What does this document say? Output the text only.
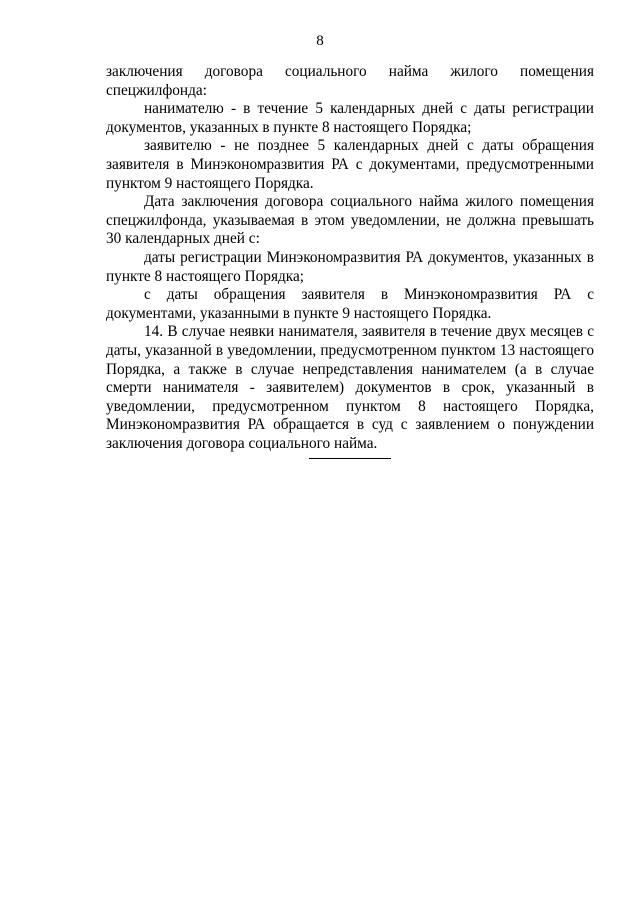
8

заключения договора социального найма жилого помещения спецжилфонда:

нанимателю - в течение 5 календарных дней с даты регистрации документов, указанных в пункте 8 настоящего Порядка;

заявителю - не позднее 5 календарных дней с даты обращения заявителя в Минэкономразвития РА с документами, предусмотренными пунктом 9 настоящего Порядка.

Дата заключения договора социального найма жилого помещения спецжилфонда, указываемая в этом уведомлении, не должна превышать 30 календарных дней с:

даты регистрации Минэкономразвития РА документов, указанных в пункте 8 настоящего Порядка;

с даты обращения заявителя в Минэкономразвития РА с документами, указанными в пункте 9 настоящего Порядка.

14. В случае неявки нанимателя, заявителя в течение двух месяцев с даты, указанной в уведомлении, предусмотренном пунктом 13 настоящего Порядка, а также в случае непредставления нанимателем (а в случае смерти нанимателя - заявителем) документов в срок, указанный в уведомлении, предусмотренном пунктом 8 настоящего Порядка, Минэкономразвития РА обращается в суд с заявлением о понуждении заключения договора социального найма.
